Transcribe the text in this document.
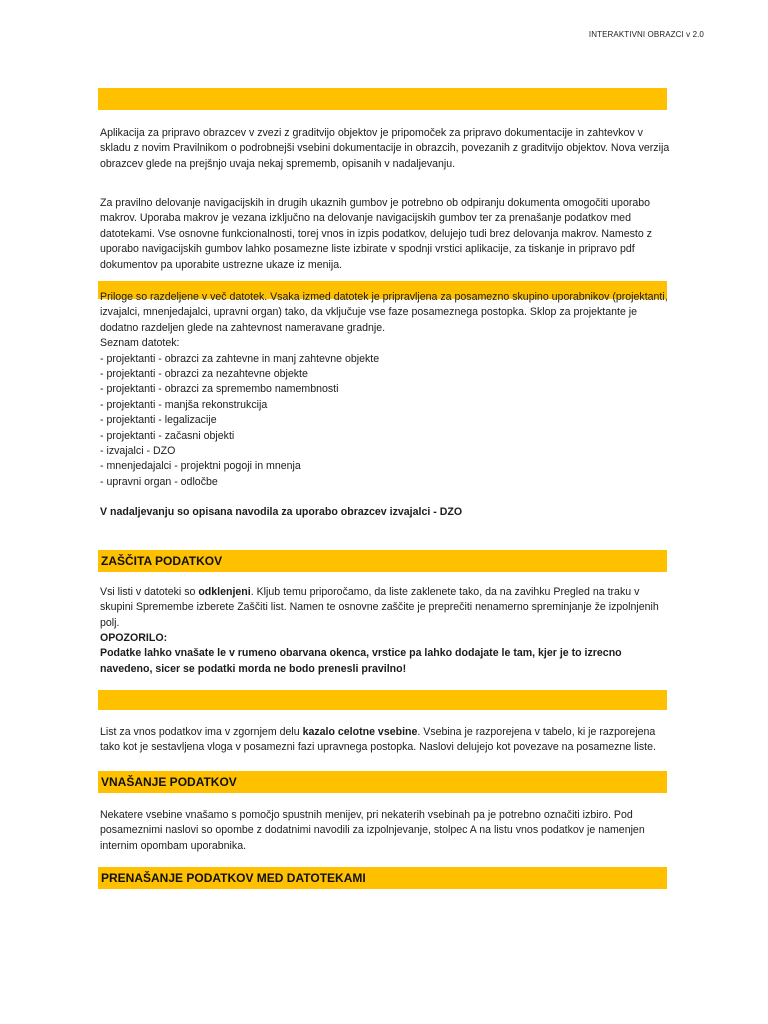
INTERAKTIVNI OBRAZCI v 2.0

Aplikacija za pripravo obrazcev v zvezi z graditvijo objektov je pripomoček za pripravo dokumentacije in zahtevkov v skladu z novim Pravilnikom o podrobnejši vsebini dokumentacije in obrazcih, povezanih z graditvijo objektov. Nova verzija obrazcev glede na prejšnjo uvaja nekaj sprememb, opisanih v nadaljevanju.

Za pravilno delovanje navigacijskih in drugih ukaznih gumbov je potrebno ob odpiranju dokumenta omogočiti uporabo makrov. Uporaba makrov je vezana izključno na delovanje navigacijskih gumbov ter za prenašanje podatkov med datotekami. Vse osnovne funkcionalnosti, torej vnos in izpis podatkov, delujejo tudi brez delovanja makrov. Namesto z uporabo navigacijskih gumbov lahko posamezne liste izbirate v spodnji vrstici aplikacije, za tiskanje in pripravo pdf dokumentov pa uporabite ustrezne ukaze iz menija.

Priloge so razdeljene v več datotek. Vsaka izmed datotek je pripravljena za posamezno skupino uporabnikov (projektanti, izvajalci, mnenjedajalci, upravni organ) tako, da vključuje vse faze posameznega postopka. Sklop za projektante je dodatno razdeljen glede na zahtevnost nameravane gradnje.
Seznam datotek:
- projektanti - obrazci za zahtevne in manj zahtevne objekte
- projektanti - obrazci za nezahtevne objekte
- projektanti - obrazci za spremembo namembnosti
- projektanti - manjša rekonstrukcija
- projektanti - legalizacije
- projektanti - začasni objekti
- izvajalci - DZO
- mnenjedajalci - projektni pogoji in mnenja
- upravni organ - odločbe
V nadaljevanju so opisana navodila za uporabo obrazcev izvajalci - DZO
ZAŠČITA PODATKOV

Vsi listi v datoteki so odklenjeni. Kljub temu priporočamo, da liste zaklenete tako, da na zavihku Pregled na traku v skupini Spremembe izberete Zaščiti list. Namen te osnovne zaščite je preprečiti nenamerno spreminjanje že izpolnjenih polj.

OPOZORILO:
Podatke lahko vnašate le v rumeno obarvana okenca, vrstice pa lahko dodajate le tam, kjer je to izrecno navedeno, sicer se podatki morda ne bodo prenesli pravilno!

List za vnos podatkov ima v zgornjem delu kazalo celotne vsebine. Vsebina je razporejena v tabelo, ki je razporejena tako kot je sestavljena vloga v posamezni fazi upravnega postopka. Naslovi delujejo kot povezave na posamezne liste.

VNAŠANJE PODATKOV

Nekatere vsebine vnašamo s pomočjo spustnih menijev, pri nekaterih vsebinah pa je potrebno označiti izbiro. Pod posameznimi naslovi so opombe z dodatnimi navodili za izpolnjevanje, stolpec A na listu vnos podatkov je namenjen internim opombam uporabnika.

PRENAŠANJE PODATKOV MED DATOTEKAMI
